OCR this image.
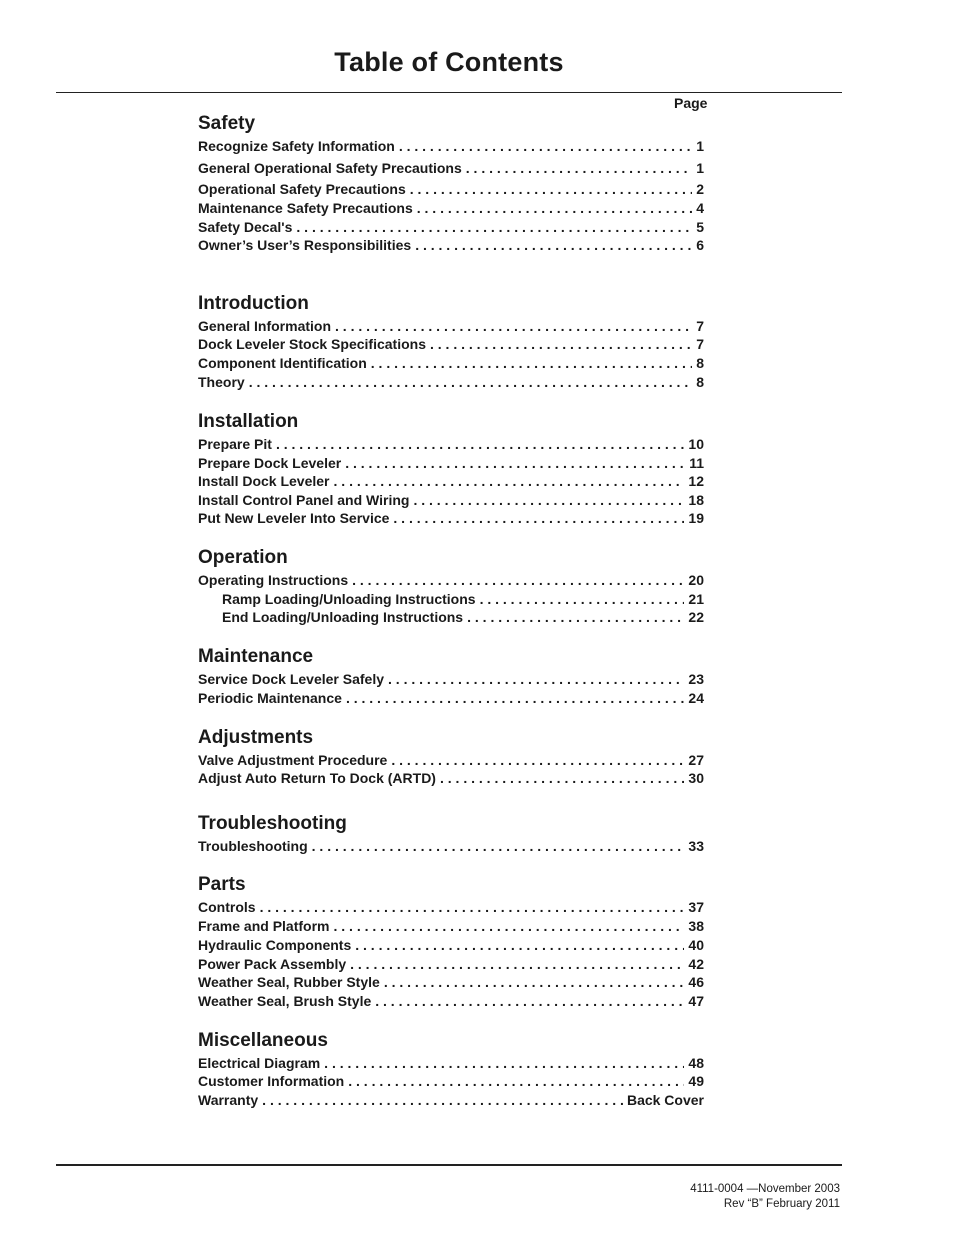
Table of Contents
Page
Safety
Recognize Safety Information . . .	1
General Operational Safety Precautions . . .	1
Operational Safety Precautions . . .	2
Maintenance Safety Precautions . . .	4
Safety Decal's . . .	5
Owner’s User’s Responsibilities . . .	6
Introduction
General Information . . .	7
Dock Leveler Stock Specifications . . .	7
Component Identification . . .	8
Theory . . .	8
Installation
Prepare Pit . . .	10
Prepare Dock Leveler . . .	11
Install Dock Leveler . . .	12
Install Control Panel and Wiring . . .	18
Put New Leveler Into Service . . .	19
Operation
Operating Instructions . . .	20
Ramp Loading/Unloading Instructions . . .	21
End Loading/Unloading Instructions . . .	22
Maintenance
Service Dock Leveler Safely . . .	23
Periodic Maintenance . . .	24
Adjustments
Valve Adjustment Procedure . . .	27
Adjust Auto Return To Dock (ARTD) . . .	30
Troubleshooting
Troubleshooting . . .	33
Parts
Controls . . .	37
Frame and Platform . . .	38
Hydraulic Components . . .	40
Power Pack Assembly . . .	42
Weather Seal, Rubber Style . . .	46
Weather Seal, Brush Style . . .	47
Miscellaneous
Electrical Diagram . . .	48
Customer Information . . .	49
Warranty . . .	Back Cover
4111-0004 —November 2003
Rev “B” February 2011
